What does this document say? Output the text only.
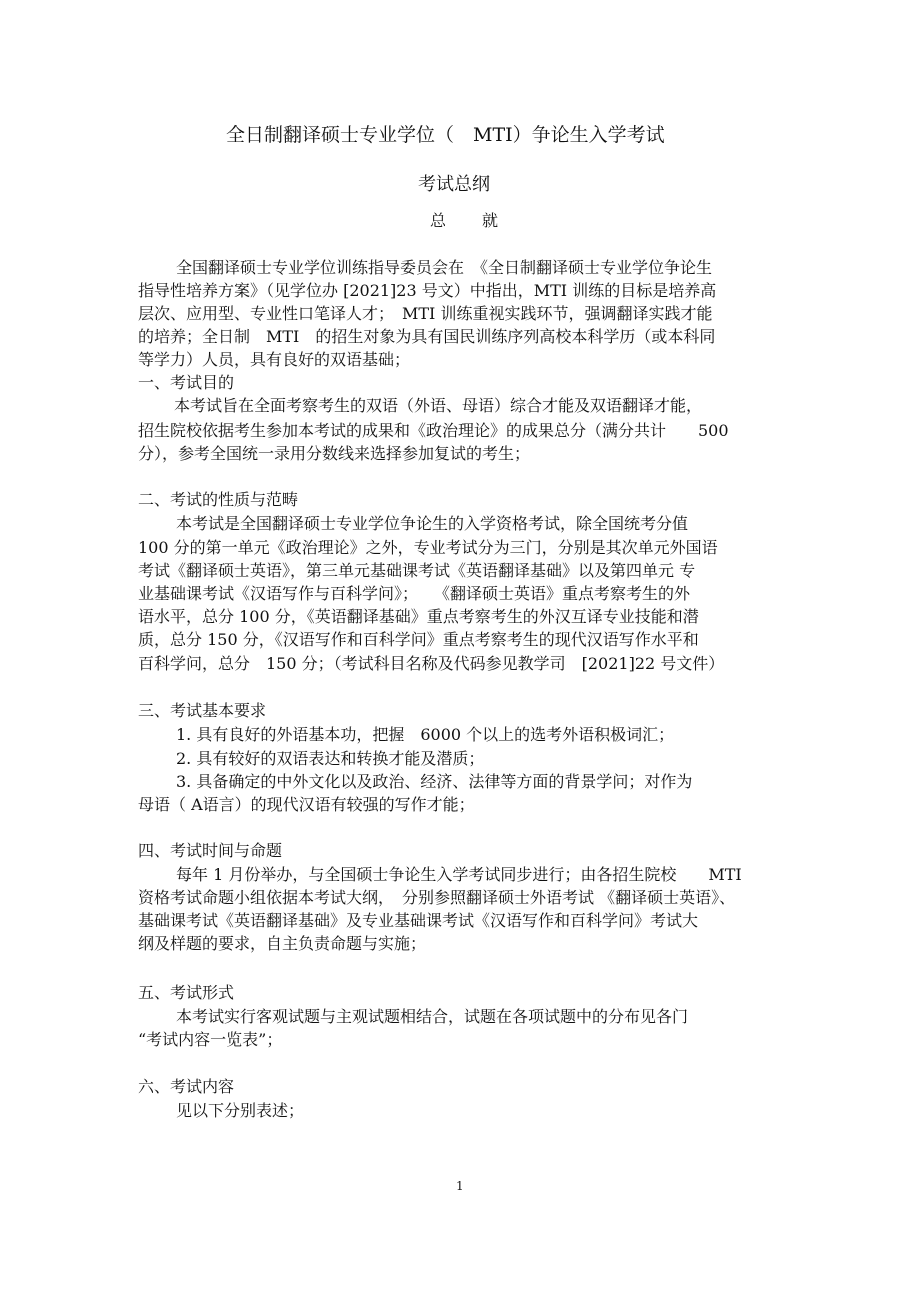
全日制翻译硕士专业学位（　MTI）争论生入学考试
考试总纲
总　就
全国翻译硕士专业学位训练指导委员会在　《全日制翻译硕士专业学位争论生
指导性培养方案》（见学位办 [2021]23 号文）中指出，MTI 训练的目标是培养高
层次、应用型、专业性口笔译人才；　MTI 训练重视实践环节，强调翻译实践才能
的培养；全日制　MTI　的招生对象为具有国民训练序列高校本科学历（或本科同
等学力）人员，具有良好的双语基础；
一、考试目的
本考试旨在全面考察考生的双语（外语、母语）综合才能及双语翻译才能，
招生院校依据考生参加本考试的成果和《政治理论》的成果总分（满分共计　　500
分），参考全国统一录用分数线来选择参加复试的考生；
二、考试的性质与范畴
本考试是全国翻译硕士专业学位争论生的入学资格考试，除全国统考分值
100 分的第一单元《政治理论》之外，专业考试分为三门，分别是其次单元外国语
考试《翻译硕士英语》，第三单元基础课考试《英语翻译基础》以及第四单元 专
业基础课考试《汉语写作与百科学问》；　　《翻译硕士英语》重点考察考生的外
语水平，总分 100 分，《英语翻译基础》重点考察考生的外汉互译专业技能和潜
质，总分 150 分，《汉语写作和百科学问》重点考察考生的现代汉语写作水平和
百科学问，总分　150 分；（考试科目名称及代码参见教学司　[2021]22 号文件）
三、考试基本要求
1. 具有良好的外语基本功，把握　6000 个以上的选考外语积极词汇；
2. 具有较好的双语表达和转换才能及潜质；
3. 具备确定的中外文化以及政治、经济、法律等方面的背景学问；对作为
母语（ A语言）的现代汉语有较强的写作才能；
四、考试时间与命题
每年 1 月份举办，与全国硕士争论生入学考试同步进行；由各招生院校　　MTI
资格考试命题小组依据本考试大纲，　分别参照翻译硕士外语考试 《翻译硕士英语》、
基础课考试《英语翻译基础》及专业基础课考试《汉语写作和百科学问》考试大
纲及样题的要求，自主负责命题与实施；
五、考试形式
本考试实行客观试题与主观试题相结合，试题在各项试题中的分布见各门
“考试内容一览表”；
六、考试内容
见以下分别表述；
1
